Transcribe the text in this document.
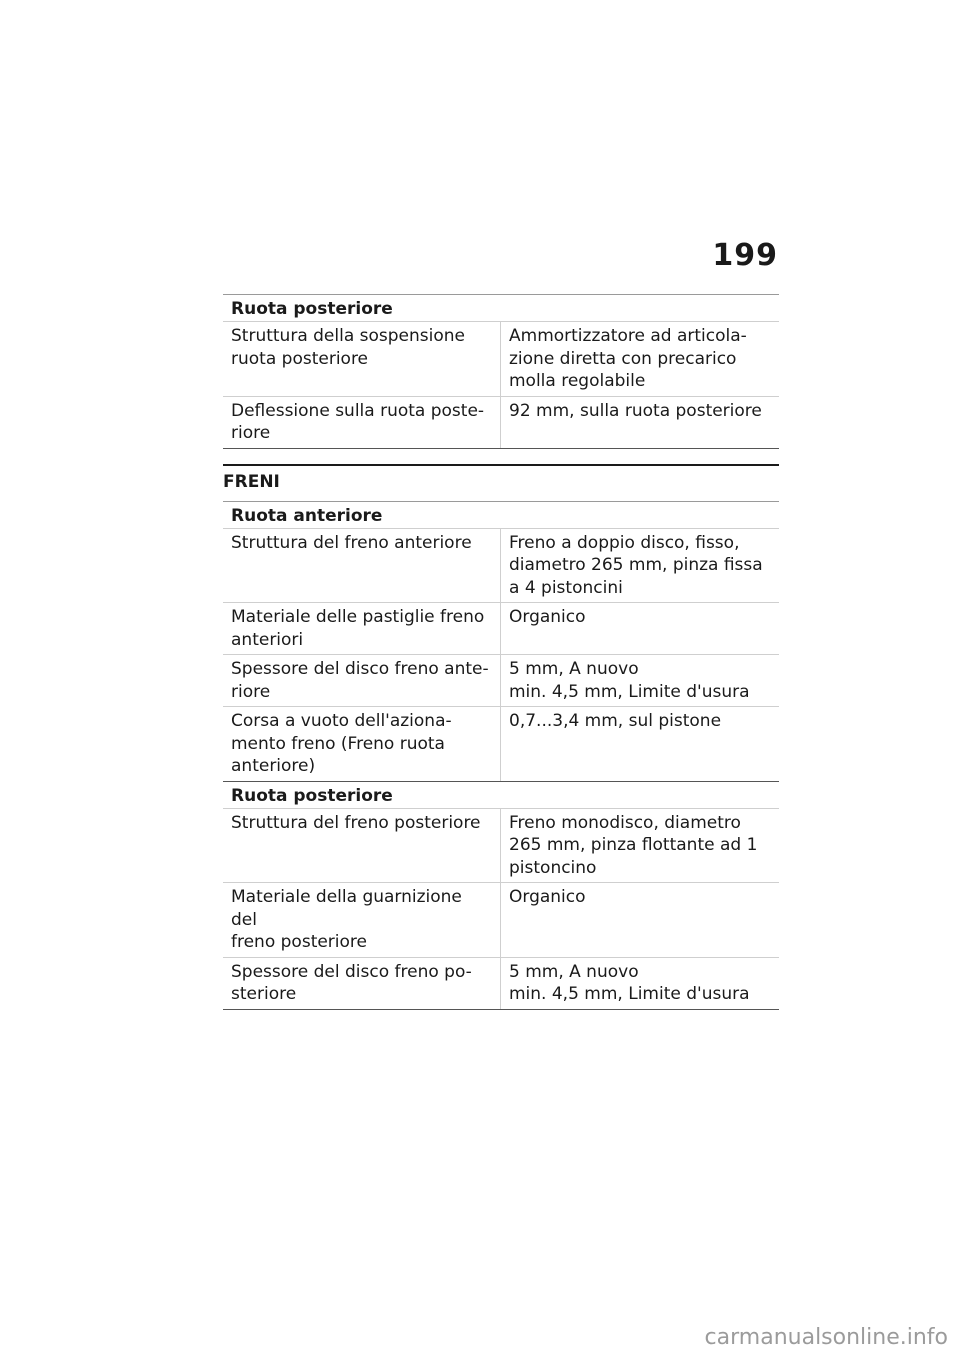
199
Ruota posteriore
Struttura della sospensione
ruota posteriore
Ammortizzatore ad articola-
zione diretta con precarico
molla regolabile
Deflessione sulla ruota poste-
riore
92 mm, sulla ruota posteriore
FRENI
Ruota anteriore
Struttura del freno anteriore	Freno a doppio disco, fisso,
diametro 265 mm, pinza fissa
a 4 pistoncini
Materiale delle pastiglie freno
anteriori
Organico
Spessore del disco freno ante-
riore
5 mm, A nuovo
min. 4,5 mm, Limite d'usura
Corsa a vuoto dell'aziona-
mento freno (Freno ruota
anteriore)
0,7...3,4 mm, sul pistone
Ruota posteriore
Struttura del freno posteriore	Freno monodisco, diametro
265 mm, pinza flottante ad 1
pistoncino
Materiale della guarnizione del
freno posteriore
Organico
Spessore del disco freno po-
steriore
5 mm, A nuovo
min. 4,5 mm, Limite d'usura
carmanualsonline.info
